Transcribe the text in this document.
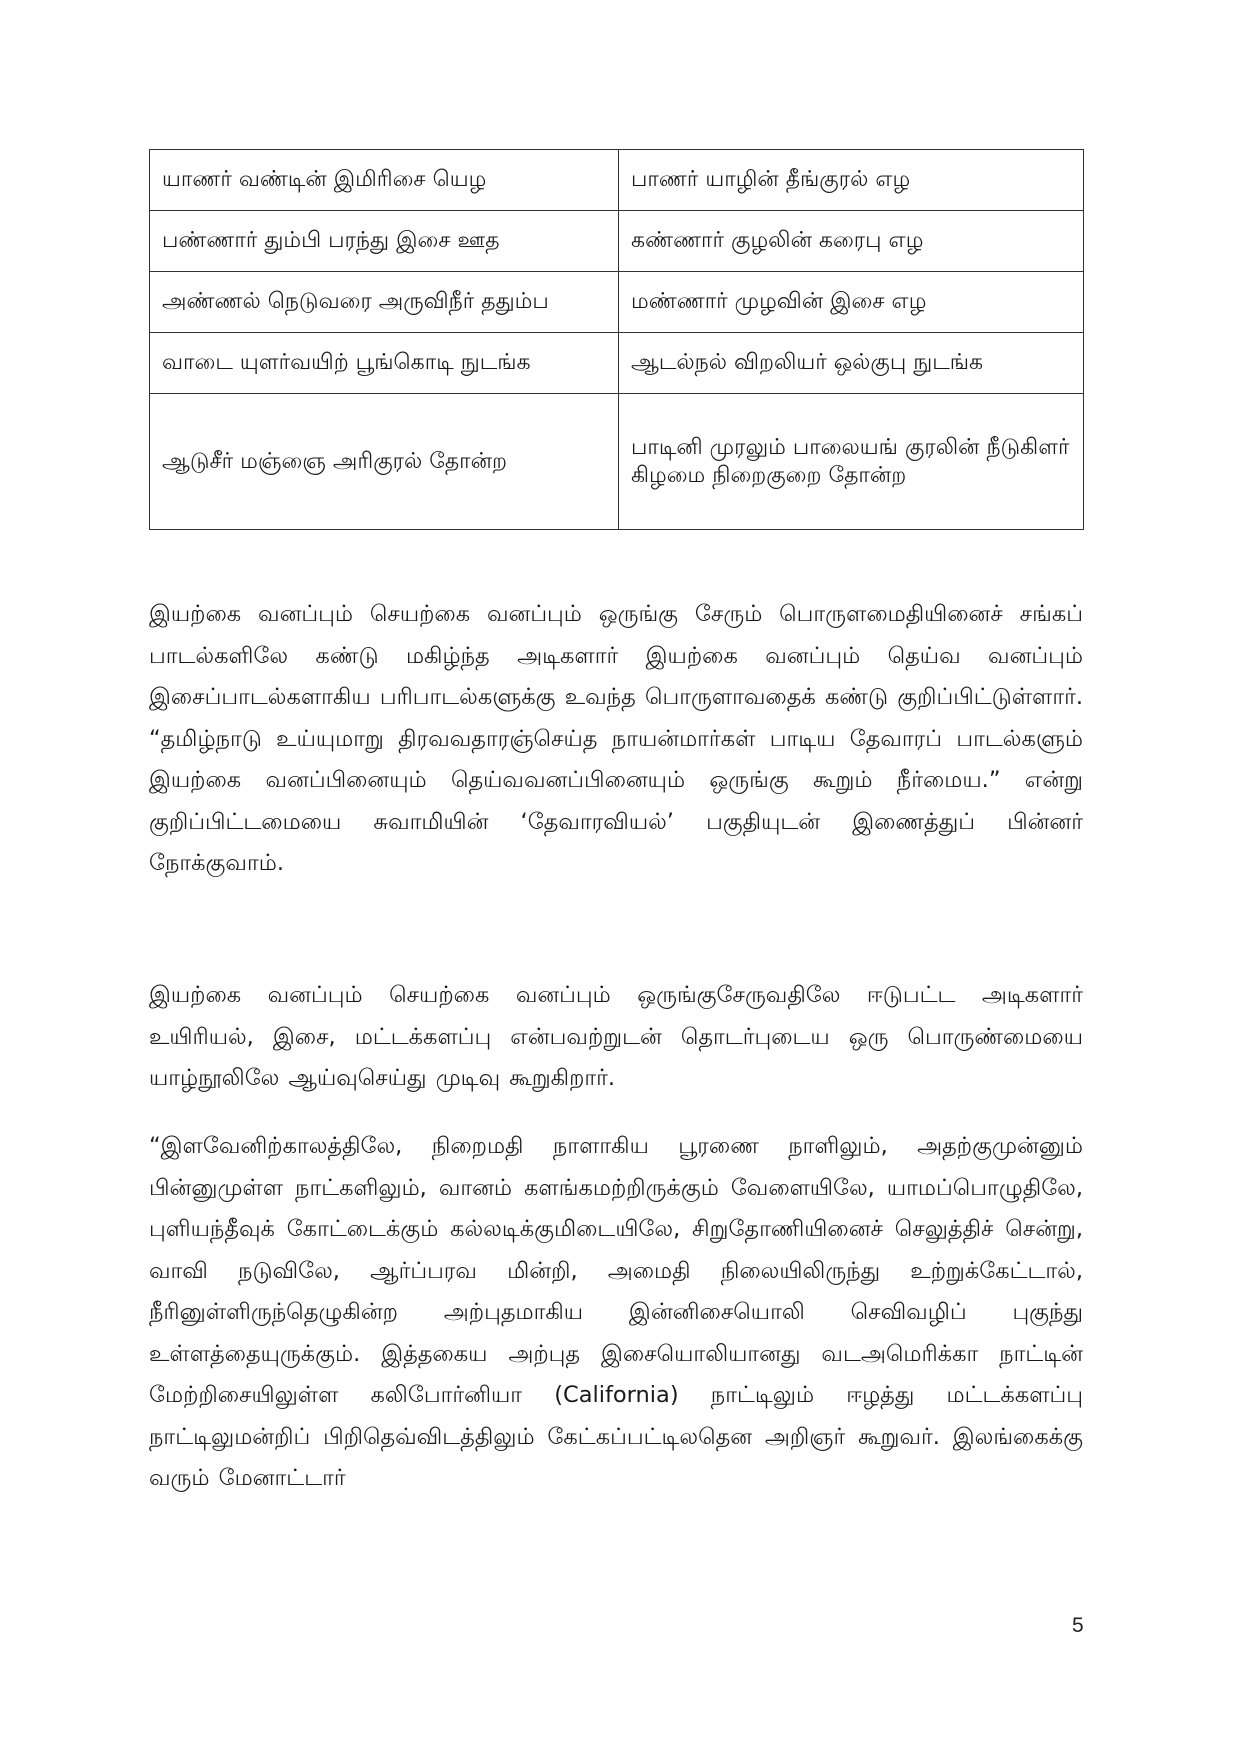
யாணர் வண்டின் இமிரிசை யெழ	பாணர் யாழின் தீங்குரல் எழ
பண்ணார் தும்பி பரந்து இசை ஊத	கண்ணார் குழலின் கரைபு எழ
அண்ணல் நெடுவரை அருவிநீர் ததும்ப	மண்ணார் முழவின் இசை எழ
வாடை யுளர்வயிற் பூங்கொடி நுடங்க	ஆடல்நல் விறலியர் ஒல்குபு நுடங்க
ஆடுசீர் மஞ்ஞை அரிகுரல் தோன்ற	பாடினி முரலும் பாலையங் குரலின் நீடுகிளர் கிழமை நிறைகுறை தோன்ற

இயற்கை வனப்பும் செயற்கை வனப்பும் ஒருங்கு சேரும் பொருளமைதியினைச் சங்கப் பாடல்களிலே கண்டு மகிழ்ந்த அடிகளார் இயற்கை வனப்பும் தெய்வ வனப்பும் இசைப்பாடல்களாகிய பரிபாடல்களுக்கு உவந்த பொருளாவதைக் கண்டு குறிப்பிட்டுள்ளார். “தமிழ்நாடு உய்யுமாறு திரவவதாரஞ்செய்த நாயன்மார்கள் பாடிய தேவாரப் பாடல்களும் இயற்கை வனப்பினையும் தெய்வவனப்பினையும் ஒருங்கு கூறும் நீர்மைய.” என்று குறிப்பிட்டமையை சுவாமியின் ‘தேவாரவியல்’ பகுதியுடன் இணைத்துப் பின்னர் நோக்குவாம்.

இயற்கை வனப்பும் செயற்கை வனப்பும் ஒருங்குசேருவதிலே ஈடுபட்ட அடிகளார் உயிரியல், இசை, மட்டக்களப்பு என்பவற்றுடன் தொடர்புடைய ஒரு பொருண்மையை யாழ்நூலிலே ஆய்வுசெய்து முடிவு கூறுகிறார்.

“இளவேனிற்காலத்திலே, நிறைமதி நாளாகிய பூரணை நாளிலும், அதற்குமுன்னும் பின்னுமுள்ள நாட்களிலும், வானம் களங்கமற்றிருக்கும் வேளையிலே, யாமப்பொழுதிலே, புளியந்தீவுக் கோட்டைக்கும் கல்லடிக்குமிடையிலே, சிறுதோணியினைச் செலுத்திச் சென்று, வாவி நடுவிலே, ஆர்ப்பரவ மின்றி, அமைதி நிலையிலிருந்து உற்றுக்கேட்டால், நீரினுள்ளிருந்தெழுகின்ற அற்புதமாகிய இன்னிசையொலி செவிவழிப் புகுந்து உள்ளத்தையுருக்கும். இத்தகைய அற்புத இசையொலியானது வடஅமெரிக்கா நாட்டின் மேற்றிசையிலுள்ள கலிபோர்னியா (California) நாட்டிலும் ஈழத்து மட்டக்களப்பு நாட்டிலுமன்றிப் பிறிதெவ்விடத்திலும் கேட்கப்பட்டிலதென அறிஞர் கூறுவர். இலங்கைக்கு வரும் மேனாட்டார்

5
